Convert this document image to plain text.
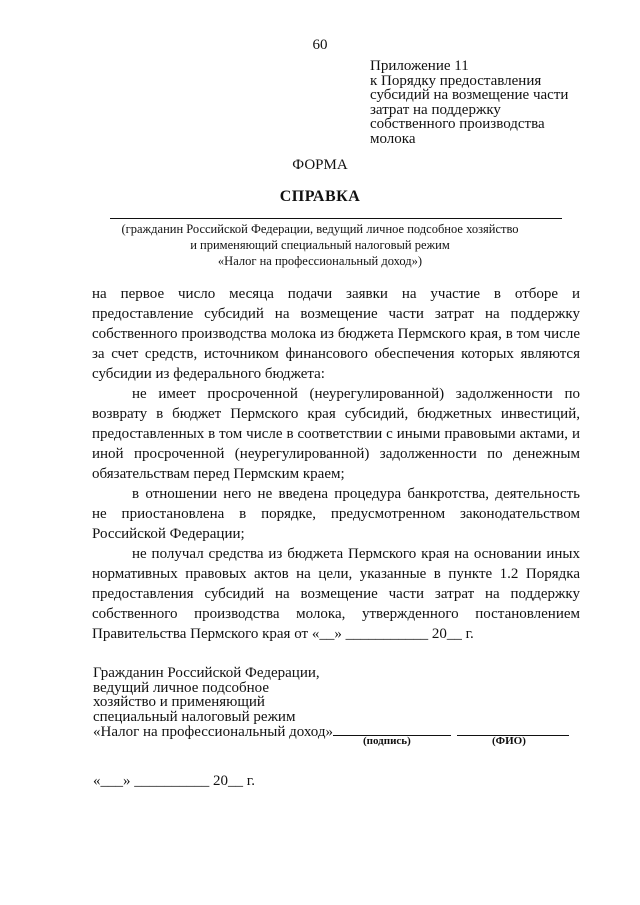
60
Приложение 11
к Порядку предоставления
субсидий на возмещение части
затрат на поддержку
собственного производства
молока
ФОРМА
СПРАВКА
(гражданин Российской Федерации, ведущий личное подсобное хозяйство
и применяющий специальный налоговый режим
«Налог на профессиональный доход»)

на первое число месяца подачи заявки на участие в отборе и предоставление субсидий на возмещение части затрат на поддержку собственного производства молока из бюджета Пермского края, в том числе за счет средств, источником финансового обеспечения которых являются субсидии из федерального бюджета:

не имеет просроченной (неурегулированной) задолженности по возврату в бюджет Пермского края субсидий, бюджетных инвестиций, предоставленных в том числе в соответствии с иными правовыми актами, и иной просроченной (неурегулированной) задолженности по денежным обязательствам перед Пермским краем;

в отношении него не введена процедура банкротства, деятельность не приостановлена в порядке, предусмотренном законодательством Российской Федерации;

не получал средства из бюджета Пермского края на основании иных нормативных правовых актов на цели, указанные в пункте 1.2 Порядка предоставления субсидий на возмещение части затрат на поддержку собственного производства молока, утвержденного постановлением Правительства Пермского края от «__» ___________ 20__ г.

Гражданин Российской Федерации,
ведущий личное подсобное
хозяйство и применяющий
специальный налоговый режим
«Налог на профессиональный доход»
(подпись)	(ФИО)
«___» __________ 20__ г.
